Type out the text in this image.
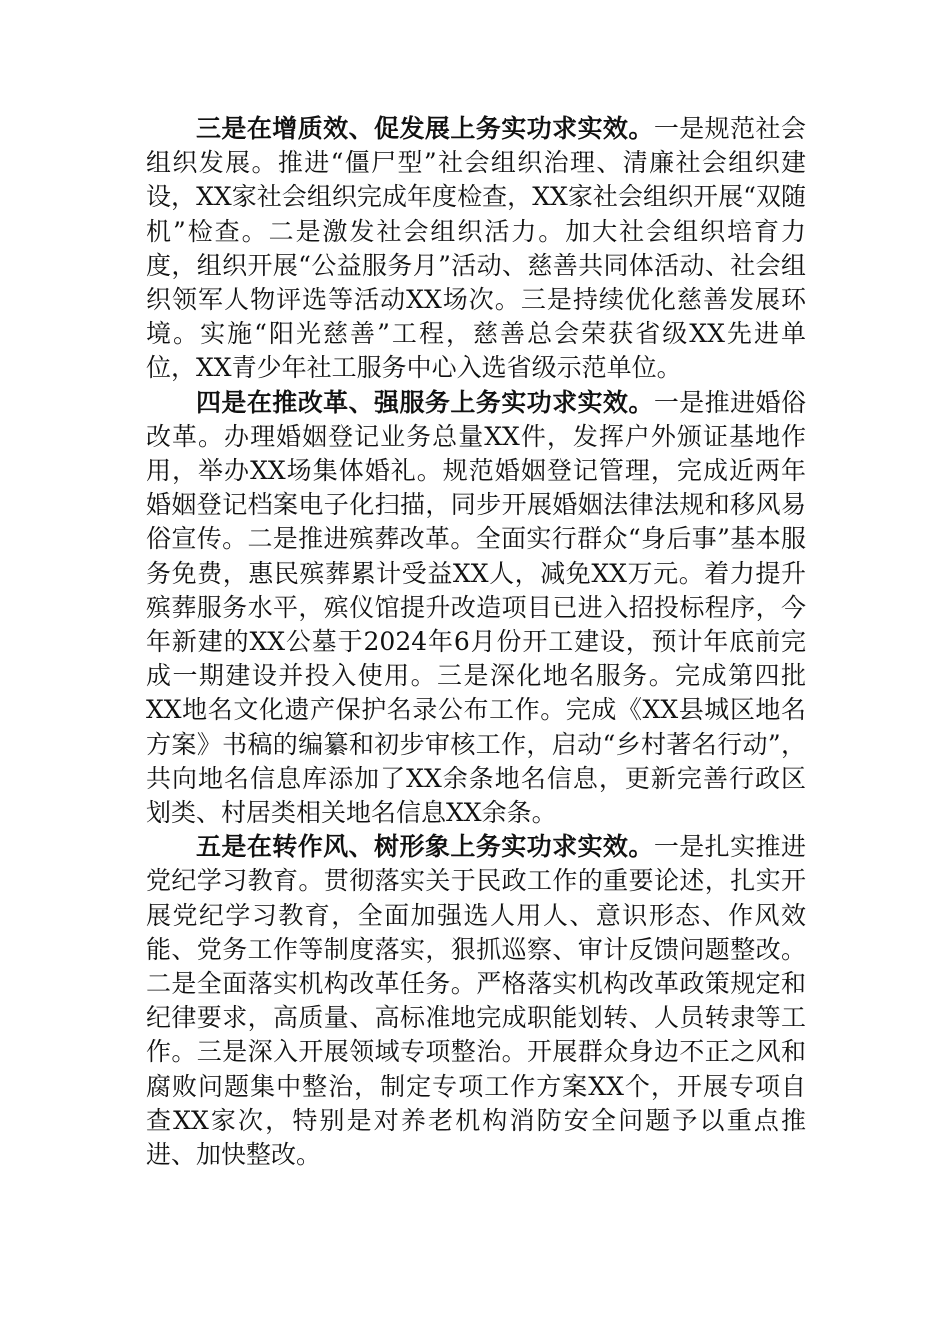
三是在增质效、促发展上务实功求实效。一是规范社会组织发展。推进“僵尸型”社会组织治理、清廉社会组织建设，XX家社会组织完成年度检查，XX家社会组织开展“双随机”检查。二是激发社会组织活力。加大社会组织培育力度，组织开展“公益服务月”活动、慈善共同体活动、社会组织领军人物评选等活动XX场次。三是持续优化慈善发展环境。实施“阳光慈善”工程，慈善总会荣获省级XX先进单位，XX青少年社工服务中心入选省级示范单位。

四是在推改革、强服务上务实功求实效。一是推进婚俗改革。办理婚姻登记业务总量XX件，发挥户外颁证基地作用，举办XX场集体婚礼。规范婚姻登记管理，完成近两年婚姻登记档案电子化扫描，同步开展婚姻法律法规和移风易俗宣传。二是推进殡葬改革。全面实行群众“身后事”基本服务免费，惠民殡葬累计受益XX人，减免XX万元。着力提升殡葬服务水平，殡仪馆提升改造项目已进入招投标程序，今年新建的XX公墓于2024年6月份开工建设，预计年底前完成一期建设并投入使用。三是深化地名服务。完成第四批XX地名文化遗产保护名录公布工作。完成《XX县城区地名方案》书稿的编纂和初步审核工作，启动“乡村著名行动”，共向地名信息库添加了XX余条地名信息，更新完善行政区划类、村居类相关地名信息XX余条。

五是在转作风、树形象上务实功求实效。一是扎实推进党纪学习教育。贯彻落实关于民政工作的重要论述，扎实开展党纪学习教育，全面加强选人用人、意识形态、作风效能、党务工作等制度落实，狠抓巡察、审计反馈问题整改。二是全面落实机构改革任务。严格落实机构改革政策规定和纪律要求，高质量、高标准地完成职能划转、人员转隶等工作。三是深入开展领域专项整治。开展群众身边不正之风和腐败问题集中整治，制定专项工作方案XX个，开展专项自查XX家次，特别是对养老机构消防安全问题予以重点推进、加快整改。
